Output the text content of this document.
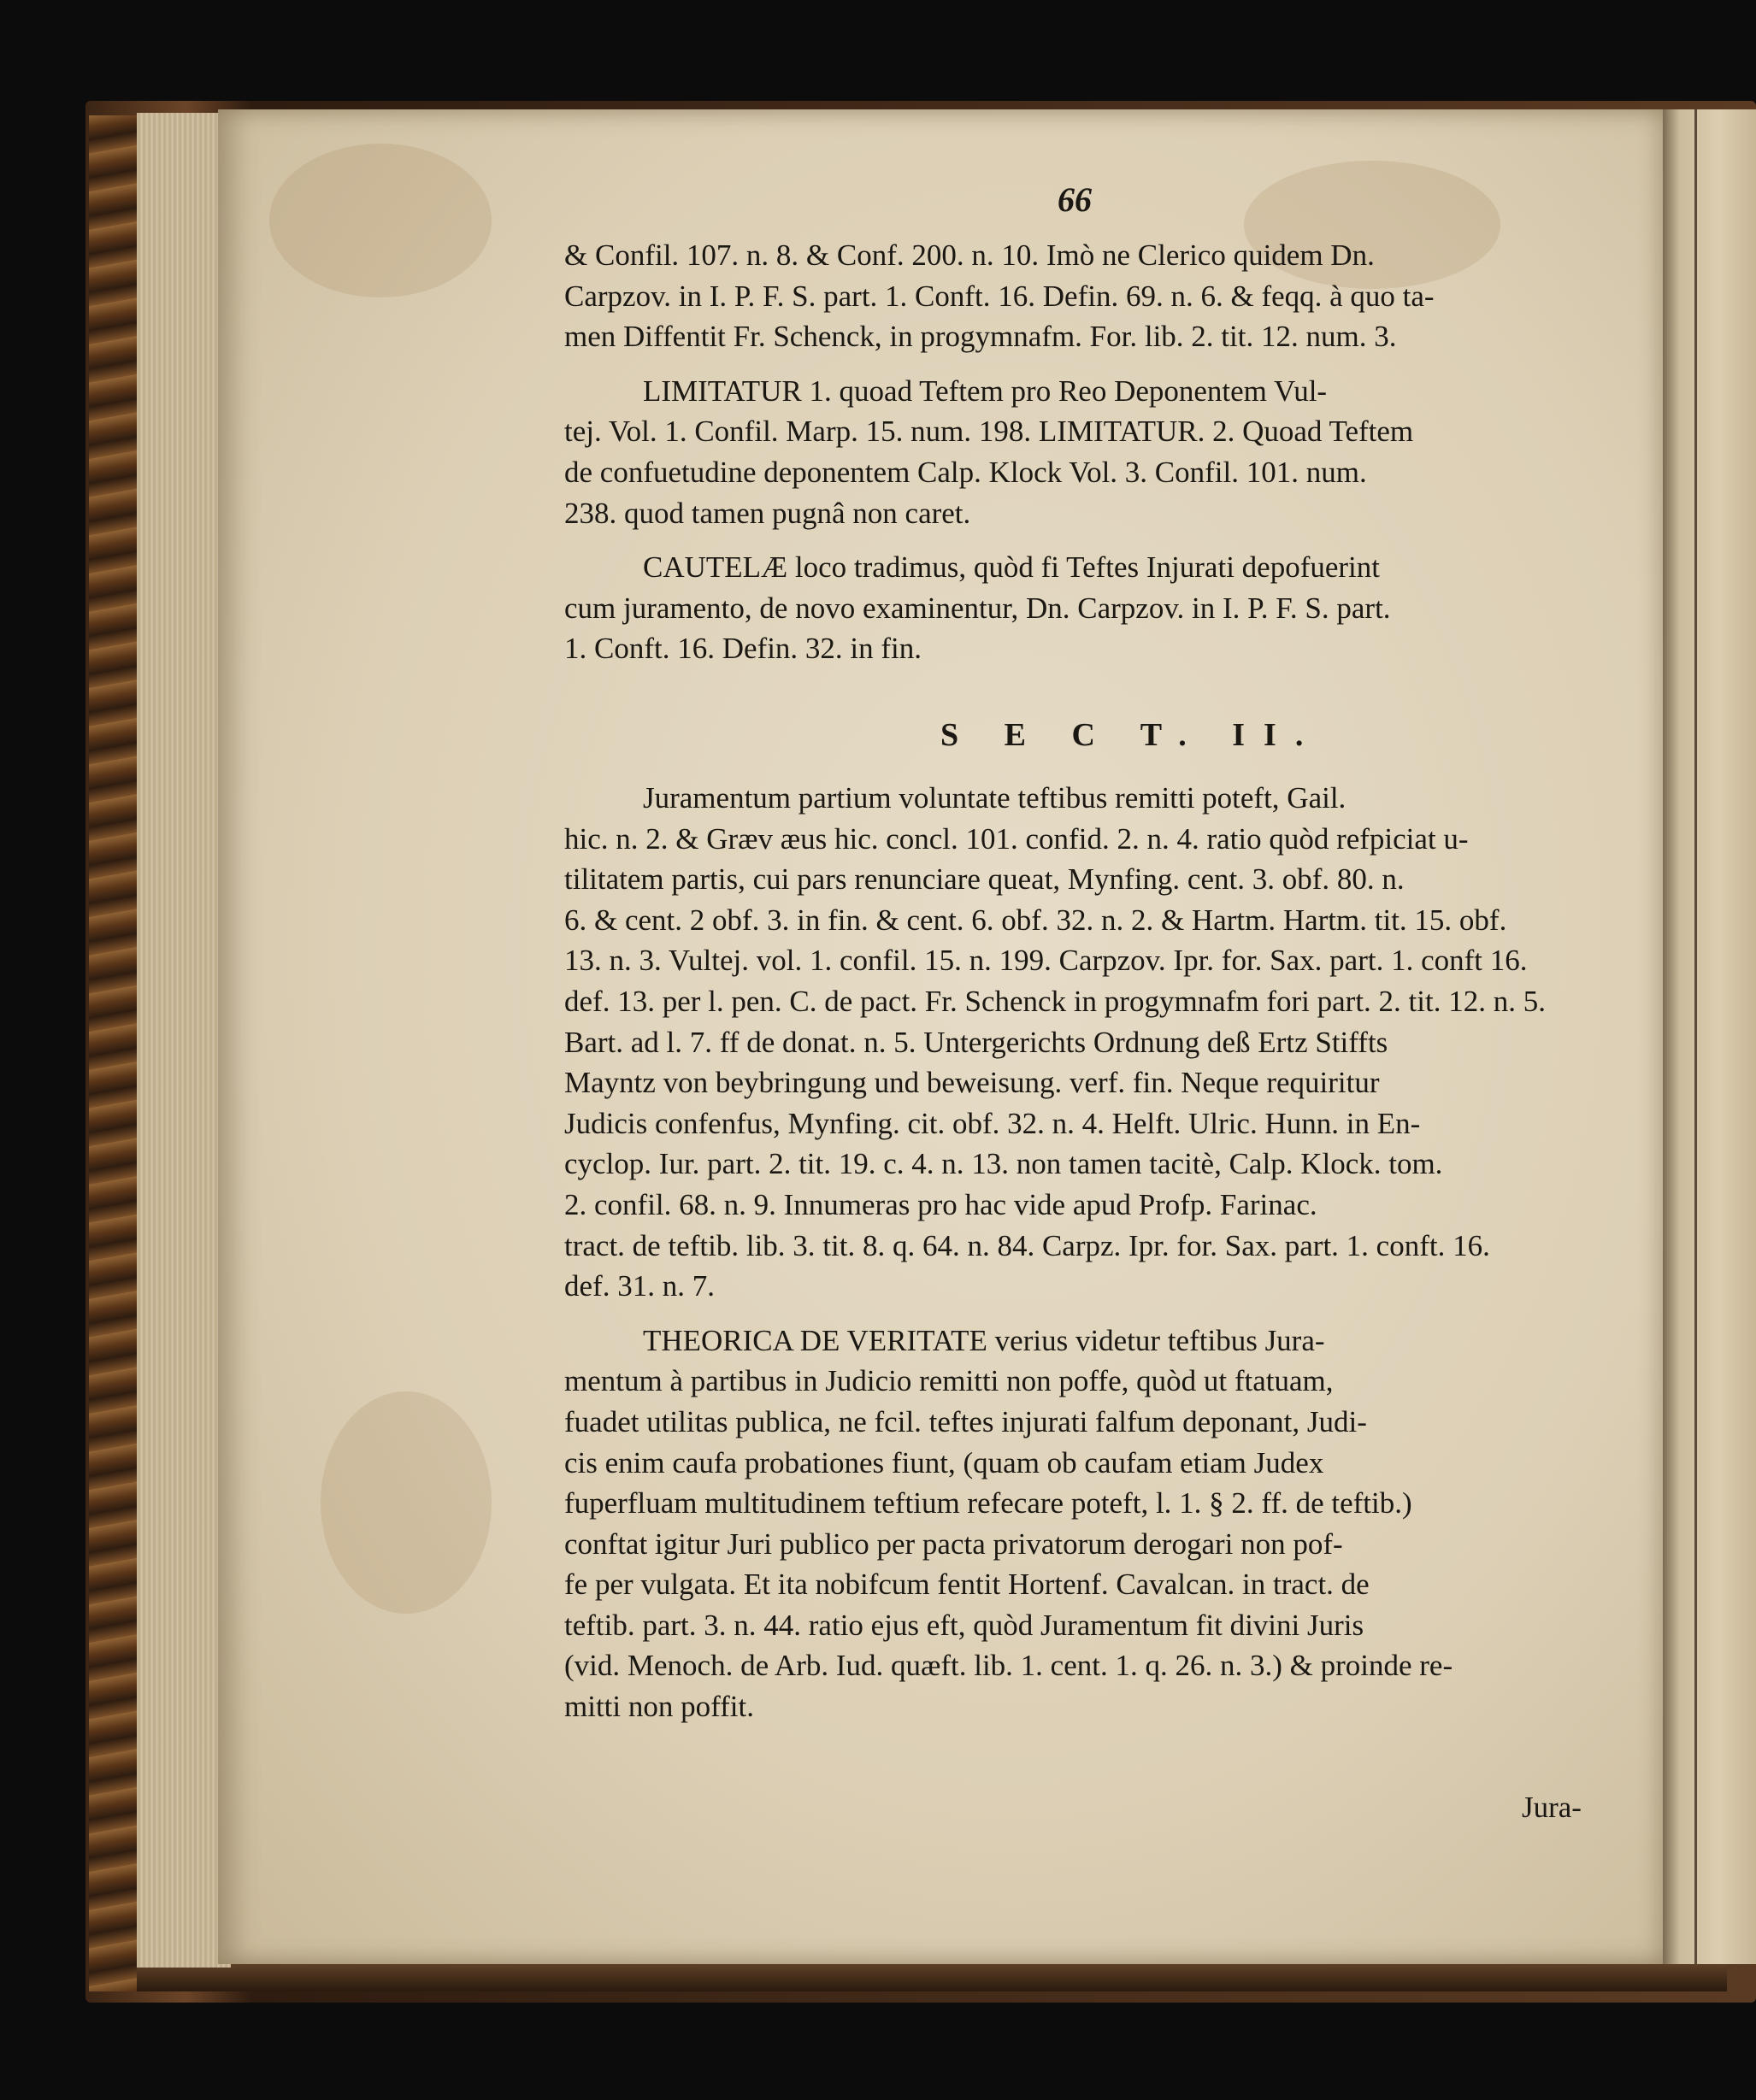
66
& Confil. 107. n. 8. & Conf. 200. n. 10. Imò ne Clerico quidem Dn.
Carpzov. in I. P. F. S. part. 1. Conft. 16. Defin. 69. n. 6. & feqq. à quo ta-
men Diffentit Fr. Schenck, in progymnafm. For. lib. 2. tit. 12. num. 3.
LIMITATUR 1. quoad Teftem pro Reo Deponentem Vul-
tej. Vol. 1. Confil. Marp. 15. num. 198. LIMITATUR. 2. Quoad Teftem
de confuetudine deponentem Calp. Klock Vol. 3. Confil. 101. num.
238. quod tamen pugnâ non caret.
CAUTELÆ loco tradimus, quòd fi Teftes Injurati depofuerint
cum juramento, de novo examinentur, Dn. Carpzov. in I. P. F. S. part.
1. Conft. 16. Defin. 32. in fin.
S E C T. II.
Juramentum partium voluntate teftibus remitti poteft, Gail.
hic. n. 2. & Græv æus hic. concl. 101. confid. 2. n. 4. ratio quòd refpiciat u-
tilitatem partis, cui pars renunciare queat, Mynfing. cent. 3. obf. 80. n.
6. & cent. 2 obf. 3. in fin. & cent. 6. obf. 32. n. 2. & Hartm. Hartm. tit. 15. obf.
13. n. 3. Vultej. vol. 1. confil. 15. n. 199. Carpzov. Ipr. for. Sax. part. 1. conft 16.
def. 13. per l. pen. C. de pact. Fr. Schenck in progymnafm fori part. 2. tit. 12. n. 5.
Bart. ad l. 7. ff de donat. n. 5. Untergerichts Ordnung deß Ertz Stiffts
Mayntz von beybringung und beweisung. verf. fin. Neque requiritur
Judicis confenfus, Mynfing. cit. obf. 32. n. 4. Helft. Ulric. Hunn. in En-
cyclop. Iur. part. 2. tit. 19. c. 4. n. 13. non tamen tacitè, Calp. Klock. tom.
2. confil. 68. n. 9. Innumeras pro hac vide apud Profp. Farinac.
tract. de teftib. lib. 3. tit. 8. q. 64. n. 84. Carpz. Ipr. for. Sax. part. 1. conft. 16.
def. 31. n. 7.
THEORICA DE VERITATE verius videtur teftibus Jura-
mentum à partibus in Judicio remitti non poffe, quòd ut ftatuam,
fuadet utilitas publica, ne fcil. teftes injurati falfum deponant, Judi-
cis enim caufa probationes fiunt, (quam ob caufam etiam Judex
fuperfluam multitudinem teftium refecare poteft, l. 1. § 2. ff. de teftib.)
conftat igitur Juri publico per pacta privatorum derogari non pof-
fe per vulgata. Et ita nobifcum fentit Hortenf. Cavalcan. in tract. de
teftib. part. 3. n. 44. ratio ejus eft, quòd Juramentum fit divini Juris
(vid. Menoch. de Arb. Iud. quæft. lib. 1. cent. 1. q. 26. n. 3.) & proinde re-
mitti non poffit.
Jura-
